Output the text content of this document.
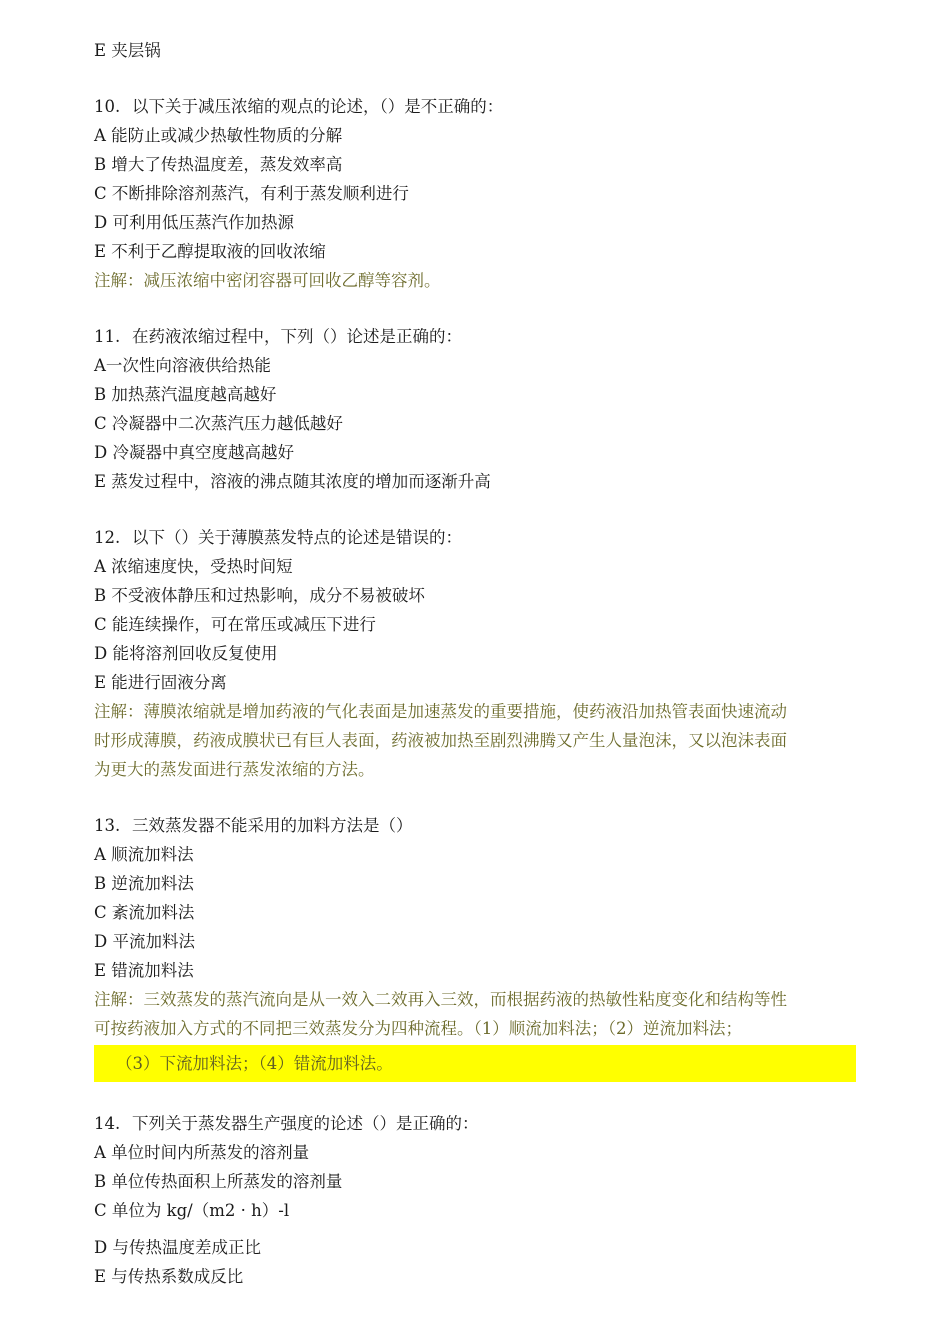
E 夹层锅
10. 以下关于减压浓缩的观点的论述，（）是不正确的：
A 能防止或减少热敏性物质的分解
B 增大了传热温度差，蒸发效率高
C 不断排除溶剂蒸汽，有利于蒸发顺利进行
D 可利用低压蒸汽作加热源
E 不利于乙醇提取液的回收浓缩
注解：减压浓缩中密闭容器可回收乙醇等容剂。
11. 在药液浓缩过程中，下列（）论述是正确的：
A一次性向溶液供给热能
B 加热蒸汽温度越高越好
C 冷凝器中二次蒸汽压力越低越好
D 冷凝器中真空度越高越好
E 蒸发过程中，溶液的沸点随其浓度的增加而逐渐升高
12. 以下（）关于薄膜蒸发特点的论述是错误的：
A 浓缩速度快，受热时间短
B 不受液体静压和过热影响，成分不易被破坏
C 能连续操作，可在常压或减压下进行
D 能将溶剂回收反复使用
E 能进行固液分离
注解：薄膜浓缩就是增加药液的气化表面是加速蒸发的重要措施，使药液沿加热管表面快速流动
时形成薄膜，药液成膜状已有巨人表面，药液被加热至剧烈沸腾又产生人量泡沫，又以泡沫表面
为更大的蒸发面进行蒸发浓缩的方法。
13. 三效蒸发器不能采用的加料方法是（）
A 顺流加料法
B 逆流加料法
C 紊流加料法
D 平流加料法
E 错流加料法
注解：三效蒸发的蒸汽流向是从一效入二效再入三效，而根据药液的热敏性粘度变化和结构等性
可按药液加入方式的不同把三效蒸发分为四种流程。（1）顺流加料法；（2）逆流加料法；
（3）下流加料法；（4）错流加料法。
14. 下列关于蒸发器生产强度的论述（）是正确的：
A 单位时间内所蒸发的溶剂量
B 单位传热面积上所蒸发的溶剂量
C 单位为 kg/（m2 · h）-l
D 与传热温度差成正比
E 与传热系数成反比
